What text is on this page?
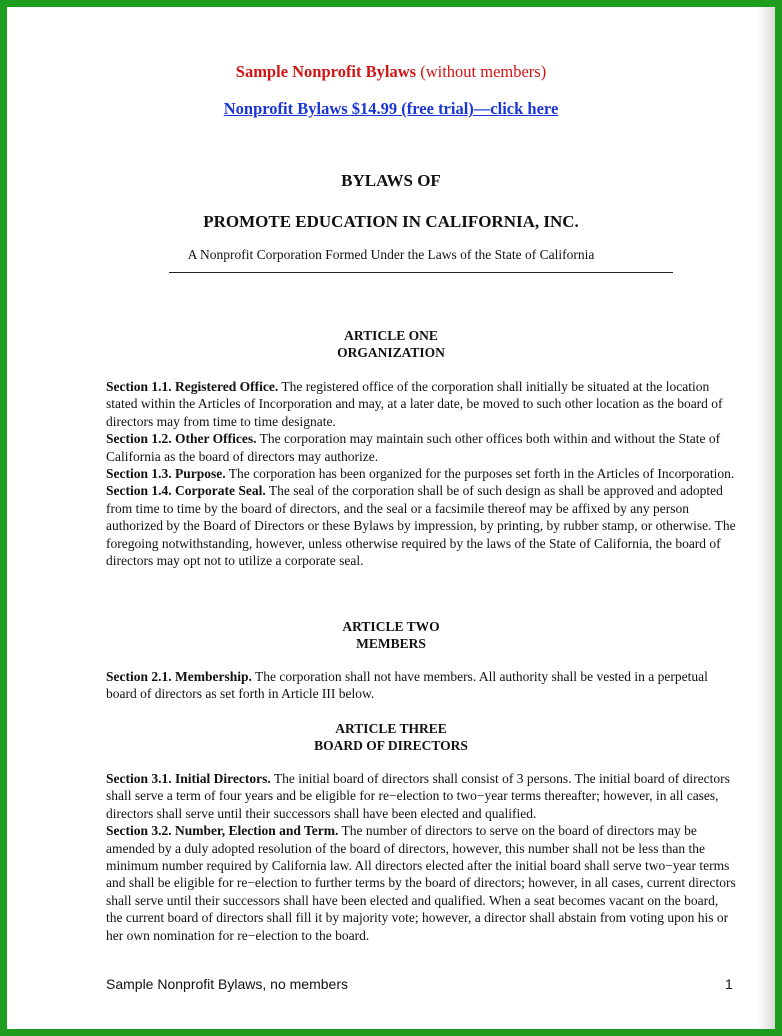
Sample Nonprofit Bylaws (without members)
Nonprofit Bylaws $14.99 (free trial)––click here
BYLAWS OF
PROMOTE EDUCATION IN CALIFORNIA, INC.
A Nonprofit Corporation Formed Under the Laws of the State of California
ARTICLE ONE
ORGANIZATION

Section 1.1. Registered Office. The registered office of the corporation shall initially be situated at the location stated within the Articles of Incorporation and may, at a later date, be moved to such other location as the board of directors may from time to time designate.

Section 1.2. Other Offices. The corporation may maintain such other offices both within and without the State of California as the board of directors may authorize.

Section 1.3. Purpose. The corporation has been organized for the purposes set forth in the Articles of Incorporation.

Section 1.4. Corporate Seal. The seal of the corporation shall be of such design as shall be approved and adopted from time to time by the board of directors, and the seal or a facsimile thereof may be affixed by any person authorized by the Board of Directors or these Bylaws by impression, by printing, by rubber stamp, or otherwise. The foregoing notwithstanding, however, unless otherwise required by the laws of the State of California, the board of directors may opt not to utilize a corporate seal.

ARTICLE TWO
MEMBERS

Section 2.1. Membership. The corporation shall not have members. All authority shall be vested in a perpetual board of directors as set forth in Article III below.

ARTICLE THREE
BOARD OF DIRECTORS

Section 3.1. Initial Directors. The initial board of directors shall consist of 3 persons. The initial board of directors shall serve a term of four years and be eligible for re−election to two−year terms thereafter; however, in all cases, directors shall serve until their successors shall have been elected and qualified.

Section 3.2. Number, Election and Term. The number of directors to serve on the board of directors may be amended by a duly adopted resolution of the board of directors, however, this number shall not be less than the minimum number required by California law. All directors elected after the initial board shall serve two−year terms and shall be eligible for re−election to further terms by the board of directors; however, in all cases, current directors shall serve until their successors shall have been elected and qualified. When a seat becomes vacant on the board, the current board of directors shall fill it by majority vote; however, a director shall abstain from voting upon his or her own nomination for re−election to the board.

Sample Nonprofit Bylaws, no members	1
